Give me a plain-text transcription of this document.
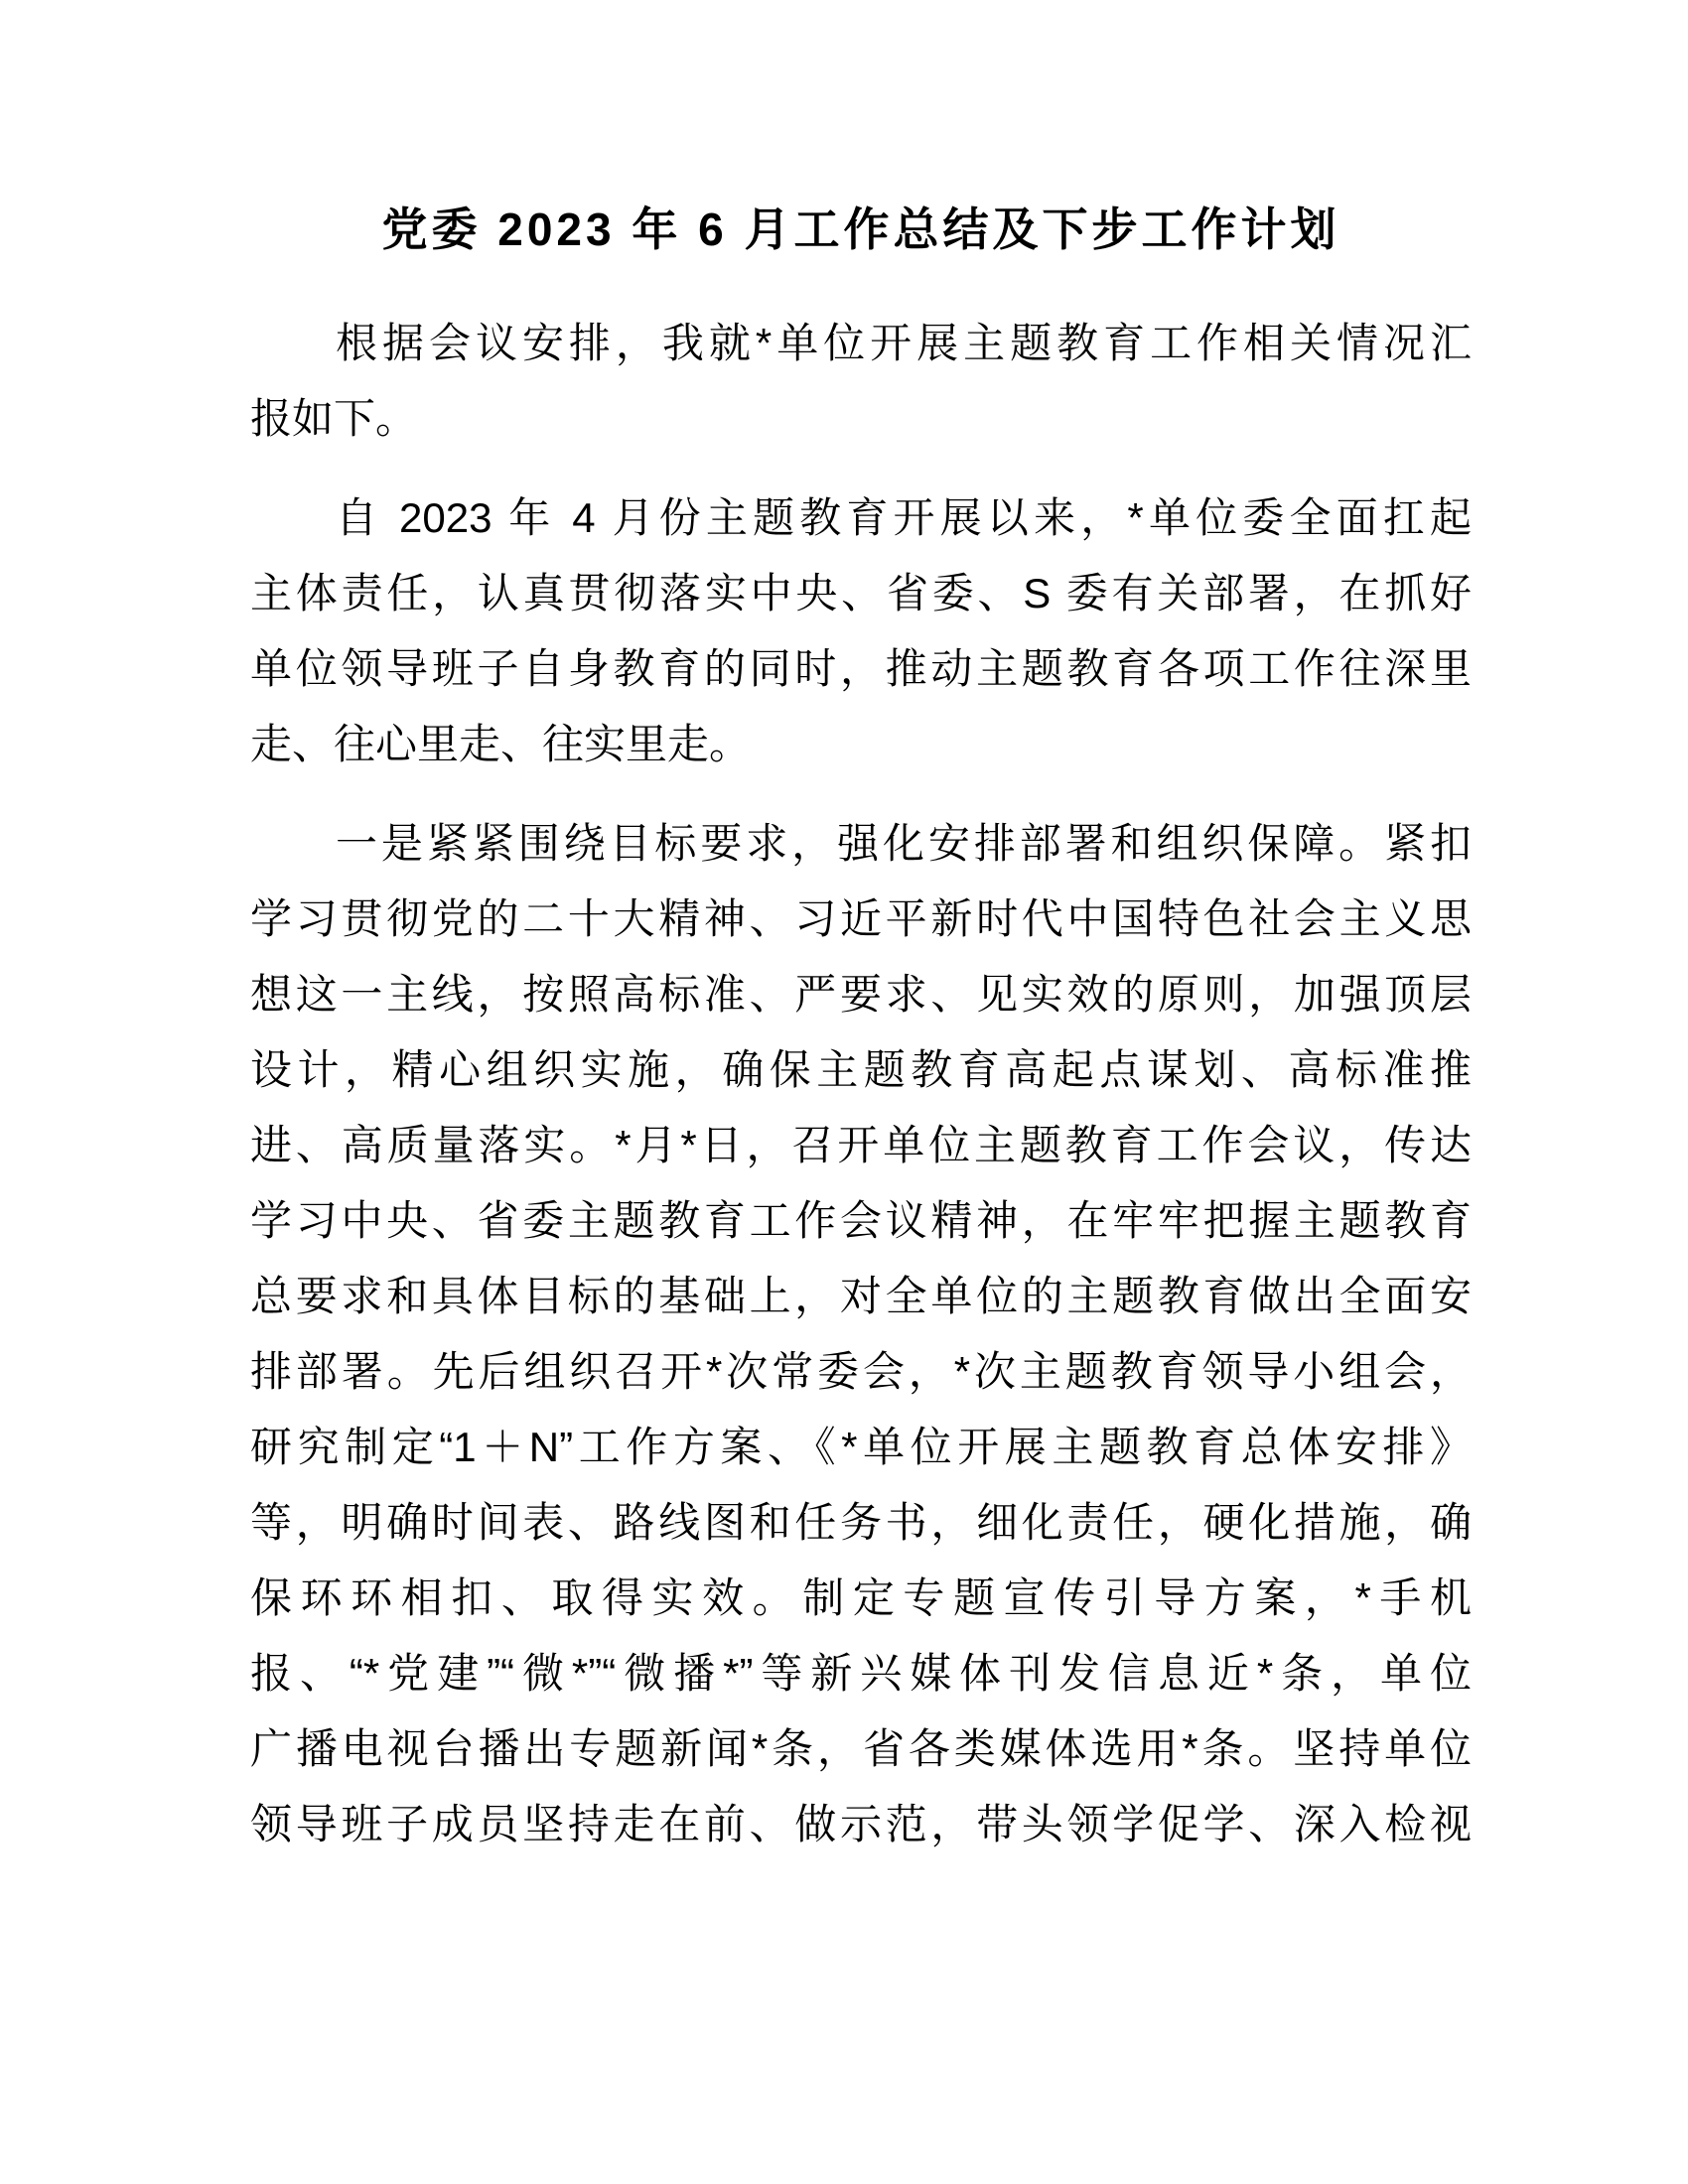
党委 2023 年 6 月工作总结及下步工作计划
根据会议安排，我就*单位开展主题教育工作相关情况汇
报如下。
自 2023 年 4 月份主题教育开展以来，*单位委全面扛起
主体责任，认真贯彻落实中央、省委、S 委有关部署，在抓好
单位领导班子自身教育的同时，推动主题教育各项工作往深里
走、往心里走、往实里走。
一是紧紧围绕目标要求，强化安排部署和组织保障。紧扣
学习贯彻党的二十大精神、习近平新时代中国特色社会主义思
想这一主线，按照高标准、严要求、见实效的原则，加强顶层
设计，精心组织实施，确保主题教育高起点谋划、高标准推
进、高质量落实。*月*日，召开单位主题教育工作会议，传达
学习中央、省委主题教育工作会议精神，在牢牢把握主题教育
总要求和具体目标的基础上，对全单位的主题教育做出全面安
排部署。先后组织召开*次常委会，*次主题教育领导小组会，
研究制定“1＋N”工作方案、《*单位开展主题教育总体安排》
等，明确时间表、路线图和任务书，细化责任，硬化措施，确
保环环相扣、取得实效。制定专题宣传引导方案，*手机
报、“*党建”“微*”“微播*”等新兴媒体刊发信息近*条，单位
广播电视台播出专题新闻*条，省各类媒体选用*条。坚持单位
领导班子成员坚持走在前、做示范，带头领学促学、深入检视
